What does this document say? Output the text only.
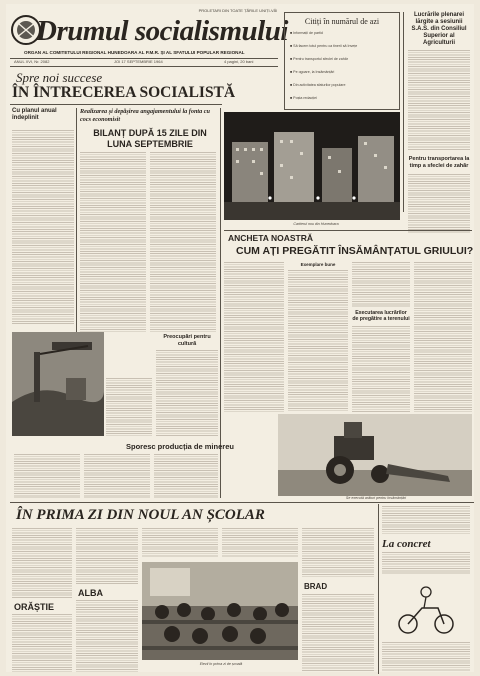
PROLETARI DIN TOATE ȚĂRILE UNIȚI-VĂ!
Drumul socialismului
ORGAN AL COMITETULUI REGIONAL HUNEDOARA AL P.M.R. ȘI AL SFATULUI POPULAR REGIONAL
ANUL XVI, Nr. 2082	JOI 17 SEPTEMBRIE 1964	4 pagini, 20 bani
Citiți în numărul de azi
■ Informații de partid
■ Să facem totul pentru ca tinerii să învețe
■ Pentru transportul sfeclei de zahăr
■ Pe ogoare, la însămânțări
■ Din activitatea sfaturilor populare
■ Poșta redacției
Lucrările plenarei lărgite a sesiunii S.A.S. din Consiliul Superior al Agriculturii
Pentru transportarea la timp a sfeclei de zahăr
Spre noi succese
ÎN ÎNTRECEREA SOCIALISTĂ
Cu planul anual îndeplinit
Realizarea și depășirea angajamentului la fonta cu cocs economisit
BILANȚ DUPĂ 15 ZILE DIN LUNA SEPTEMBRIE
Cartierul nou din Hunedoara
ANCHETA NOASTRĂ
CUM AȚI PREGĂTIT ÎNSĂMÂNȚATUL GRIULUI?
Exemplare bune
Executarea lucrărilor de pregătire a terenului
Preocupări pentru cultură
Sporesc producția de minereu
Se execută arături pentru însămânțări
ÎN PRIMA ZI DIN NOUL AN ȘCOLAR
ORĂȘTIE
ALBA
Elevii în prima zi de școală
BRAD
La concret
